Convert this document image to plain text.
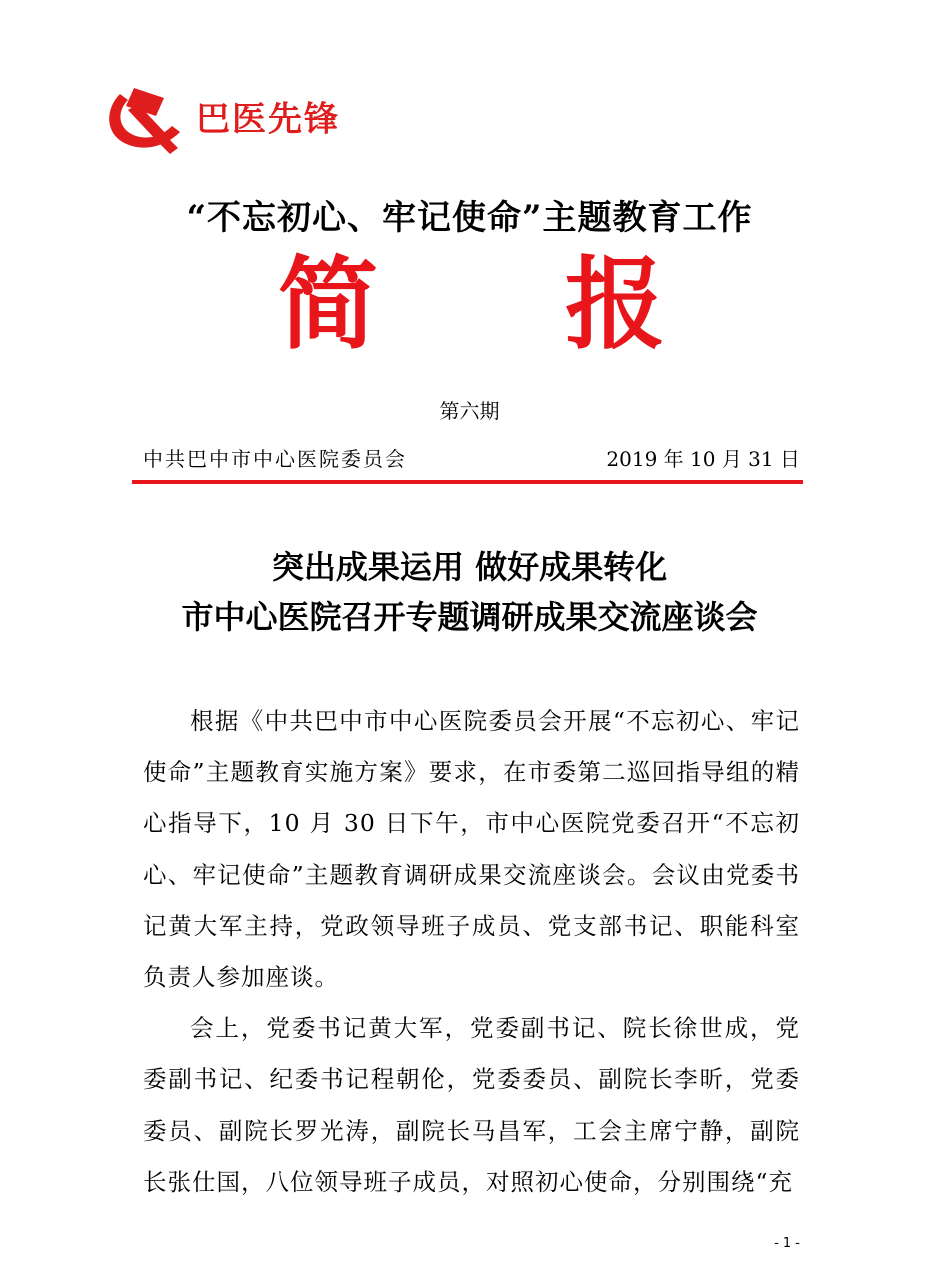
巴医先锋
“不忘初心、牢记使命”主题教育工作
简 报
第六期
中共巴中市中心医院委员会	2019 年 10 月 31 日
突出成果运用 做好成果转化
市中心医院召开专题调研成果交流座谈会

根据《中共巴中市中心医院委员会开展“不忘初心、牢记使命”主题教育实施方案》要求，在市委第二巡回指导组的精心指导下，10 月 30 日下午，市中心医院党委召开“不忘初心、牢记使命”主题教育调研成果交流座谈会。会议由党委书记黄大军主持，党政领导班子成员、党支部书记、职能科室负责人参加座谈。

会上，党委书记黄大军，党委副书记、院长徐世成，党委副书记、纪委书记程朝伦，党委委员、副院长李昕，党委委员、副院长罗光涛，副院长马昌军，工会主席宁静，副院长张仕国，八位领导班子成员，对照初心使命，分别围绕“充

- 1 -
